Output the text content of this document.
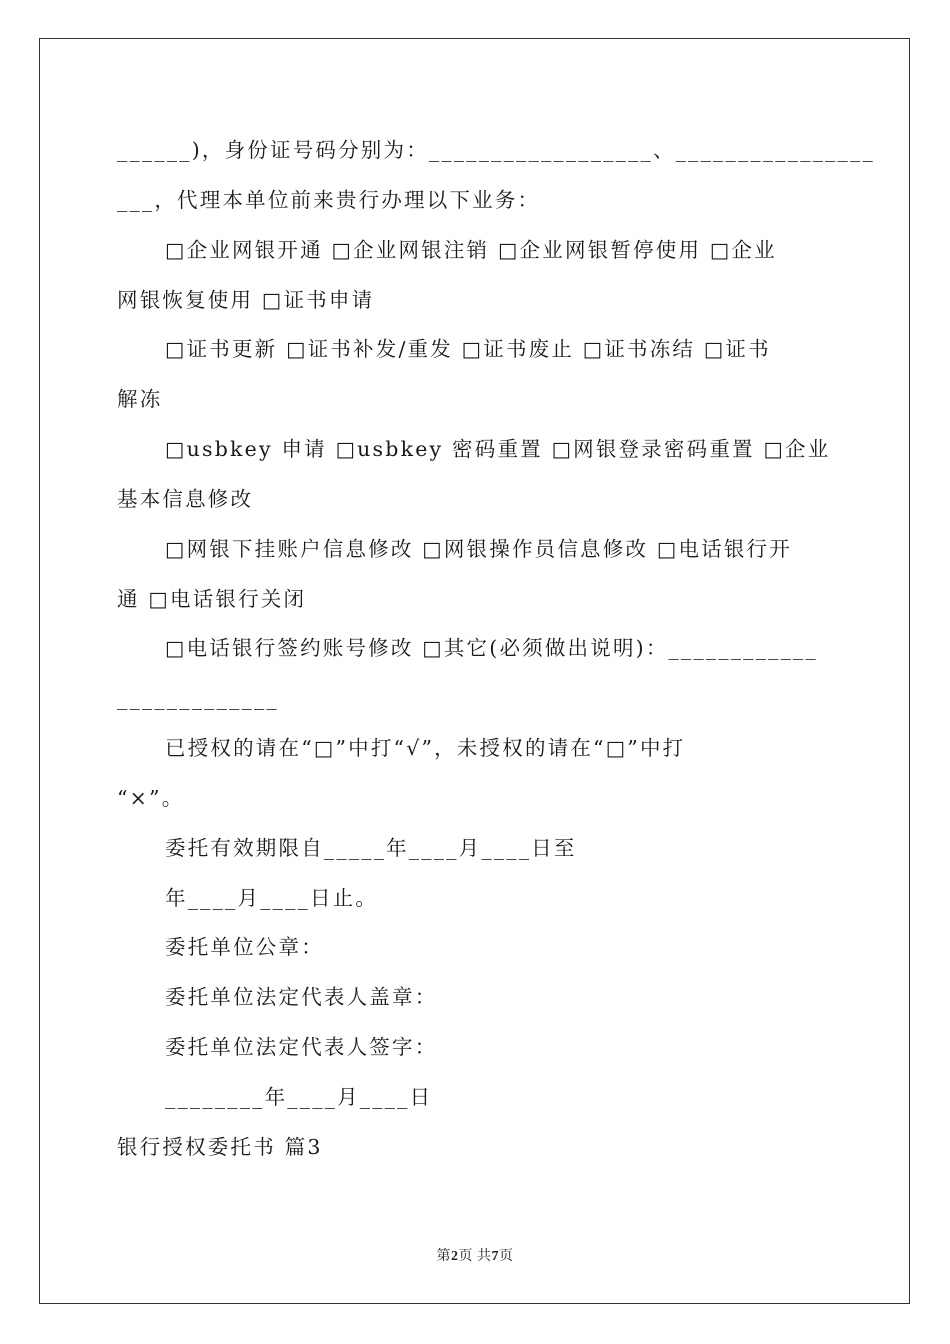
______)，身份证号码分别为：__________________、________________
___，代理本单位前来贵行办理以下业务：
□企业网银开通 □企业网银注销 □企业网银暂停使用 □企业
网银恢复使用 □证书申请
□证书更新 □证书补发/重发 □证书废止 □证书冻结 □证书
解冻
□usbkey 申请 □usbkey 密码重置 □网银登录密码重置 □企业
基本信息修改
□网银下挂账户信息修改 □网银操作员信息修改 □电话银行开
通 □电话银行关闭
□电话银行签约账号修改 □其它(必须做出说明)：____________
_____________
已授权的请在“□”中打“√”，未授权的请在“□”中打
“×”。
委托有效期限自_____年____月____日至
年____月____日止。
委托单位公章：
委托单位法定代表人盖章：
委托单位法定代表人签字：
________年____月____日
银行授权委托书 篇3
第2页 共7页
